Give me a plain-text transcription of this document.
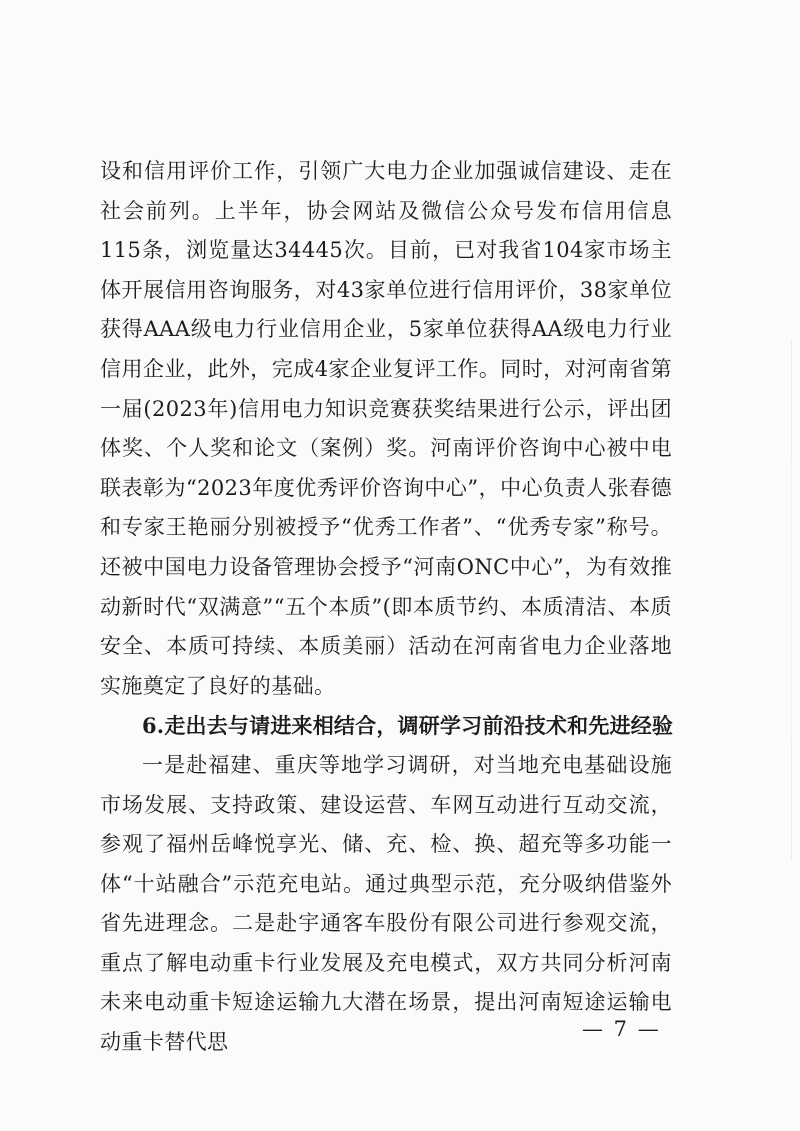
设和信用评价工作，引领广大电力企业加强诚信建设、走在社会前列。上半年，协会网站及微信公众号发布信用信息115条，浏览量达34445次。目前，已对我省104家市场主体开展信用咨询服务，对43家单位进行信用评价，38家单位获得AAA级电力行业信用企业，5家单位获得AA级电力行业信用企业，此外，完成4家企业复评工作。同时，对河南省第一届(2023年)信用电力知识竞赛获奖结果进行公示，评出团体奖、个人奖和论文（案例）奖。河南评价咨询中心被中电联表彰为“2023年度优秀评价咨询中心”，中心负责人张春德和专家王艳丽分别被授予“优秀工作者”、“优秀专家”称号。还被中国电力设备管理协会授予“河南ONC中心”，为有效推动新时代“双满意”“五个本质”(即本质节约、本质清洁、本质安全、本质可持续、本质美丽）活动在河南省电力企业落地实施奠定了良好的基础。

6.走出去与请进来相结合，调研学习前沿技术和先进经验

一是赴福建、重庆等地学习调研，对当地充电基础设施市场发展、支持政策、建设运营、车网互动进行互动交流，参观了福州岳峰悦享光、储、充、检、换、超充等多功能一体“十站融合”示范充电站。通过典型示范，充分吸纳借鉴外省先进理念。二是赴宇通客车股份有限公司进行参观交流，重点了解电动重卡行业发展及充电模式，双方共同分析河南未来电动重卡短途运输九大潜在场景，提出河南短途运输电动重卡替代思

— 7 —
